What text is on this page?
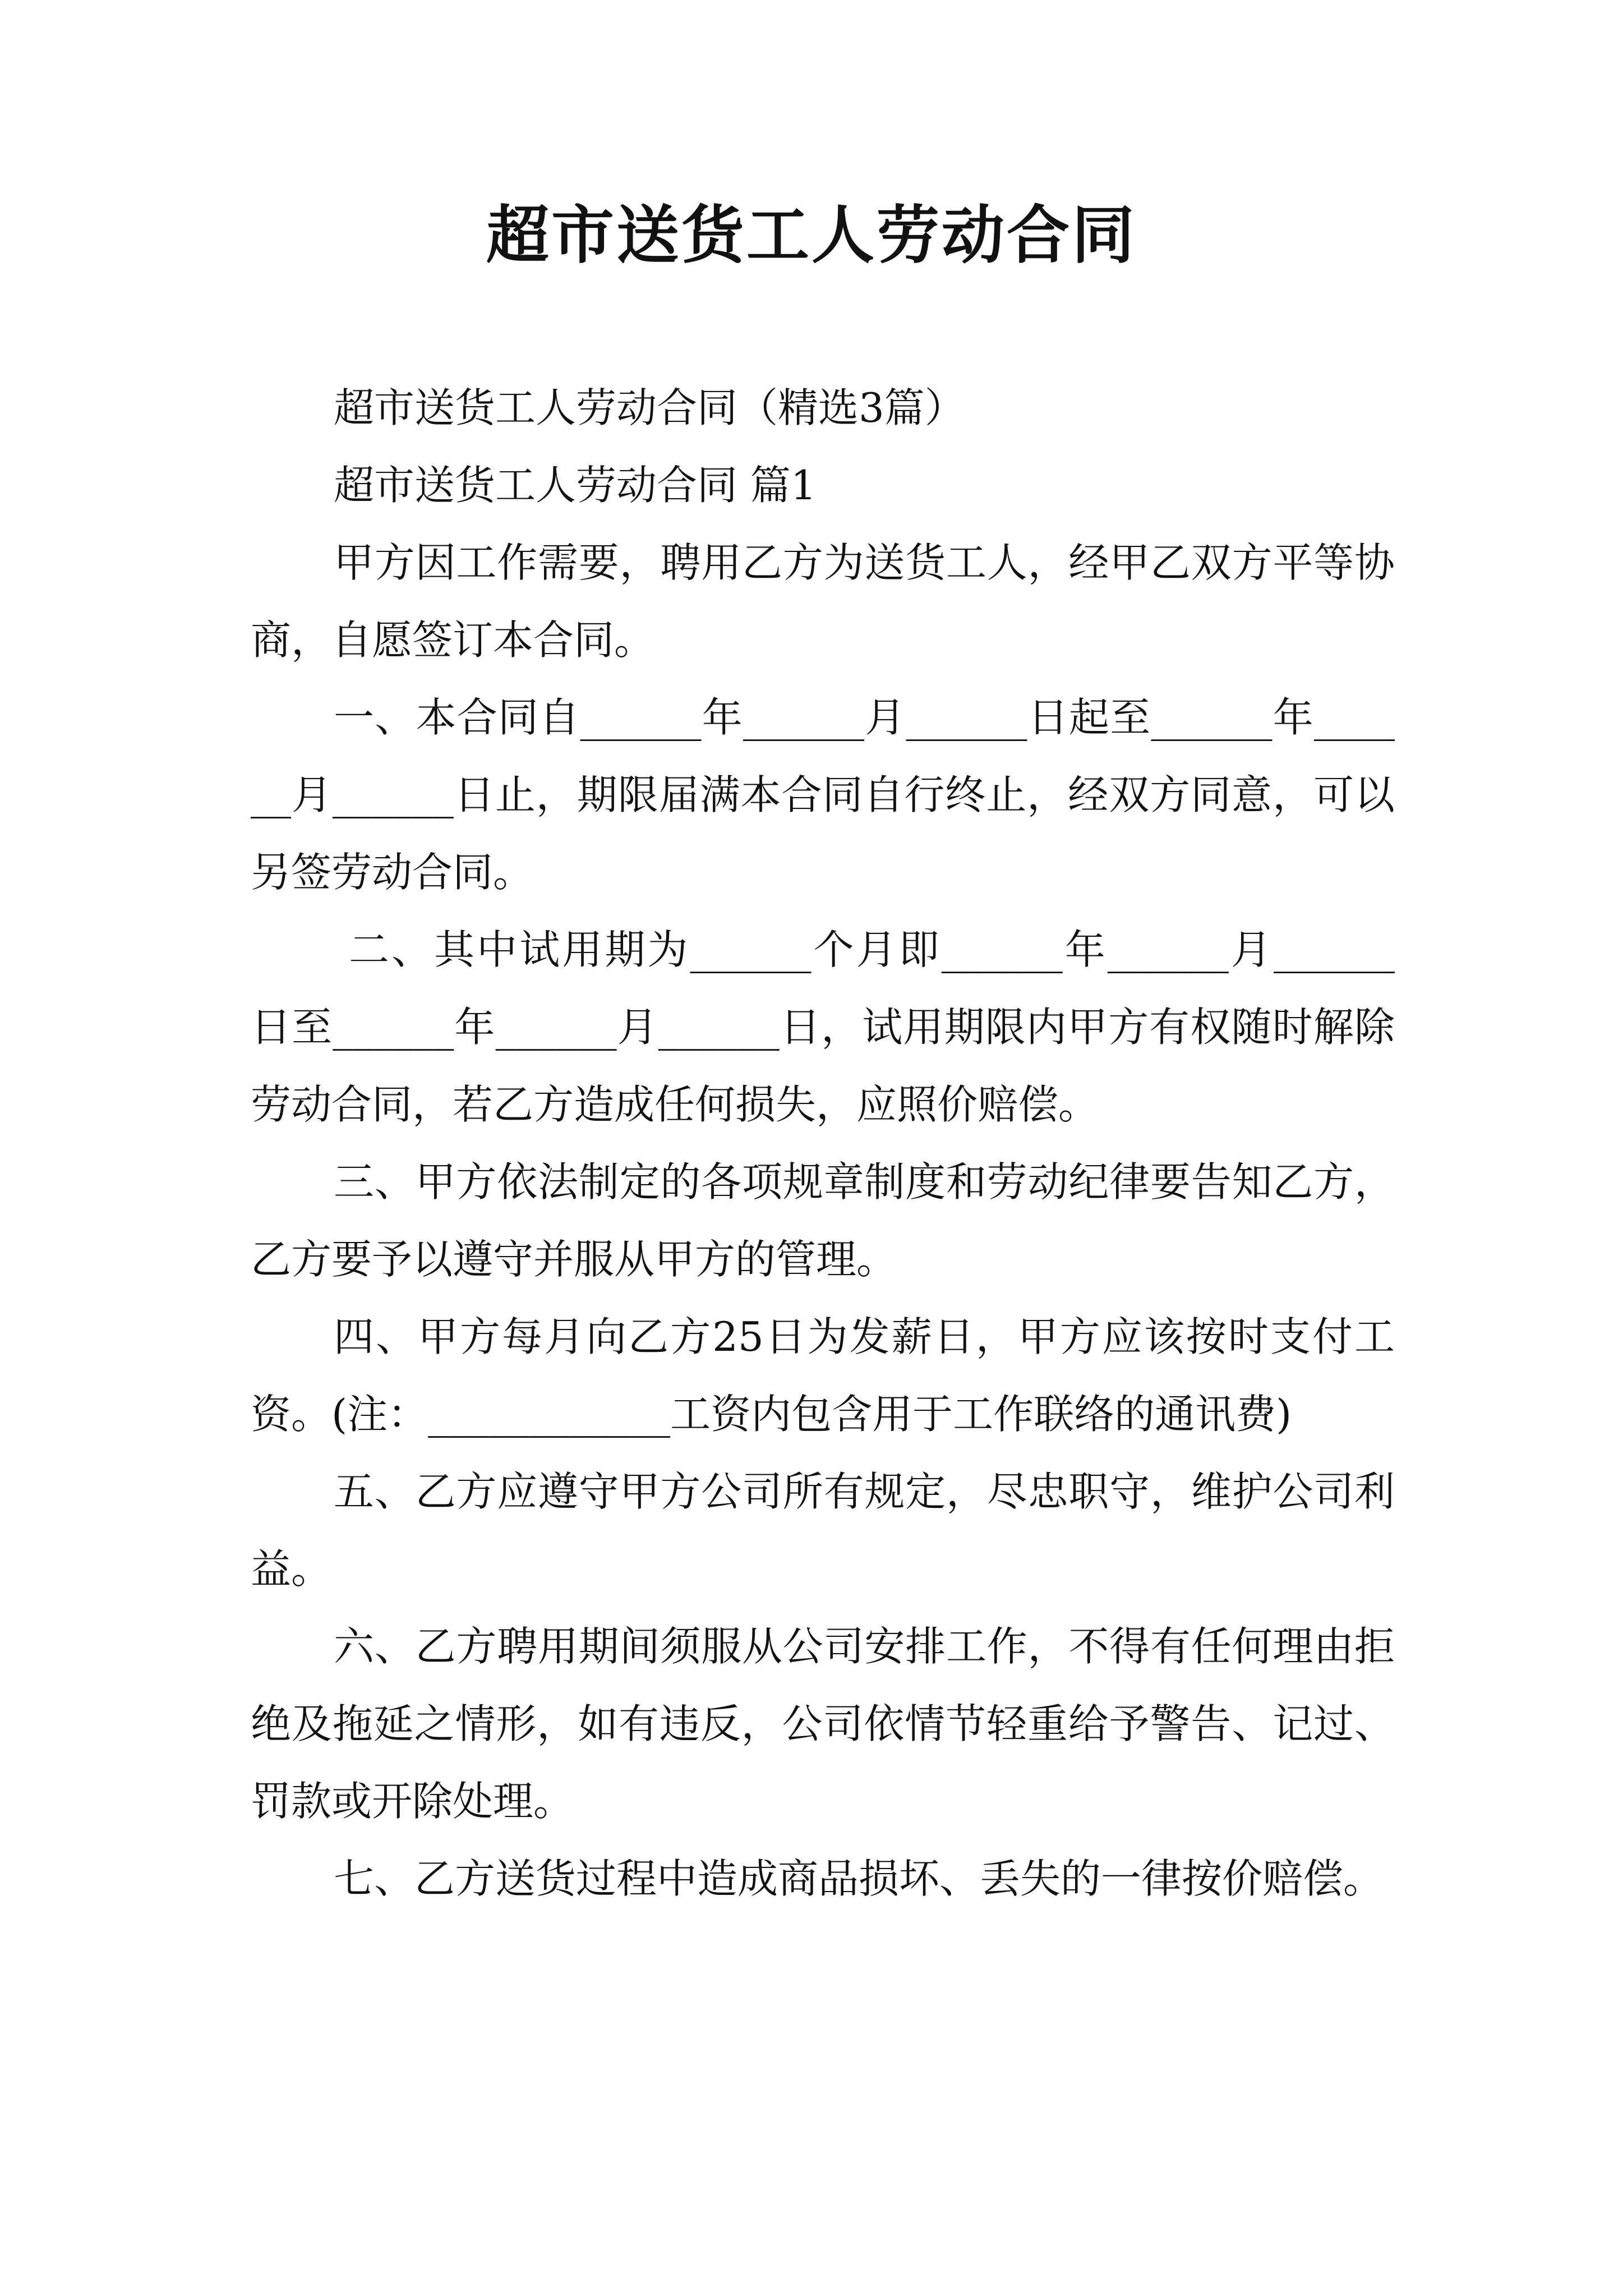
超市送货工人劳动合同

超市送货工人劳动合同（精选3篇）

超市送货工人劳动合同 篇1

甲方因工作需要，聘用乙方为送货工人，经甲乙双方平等协商，自愿签订本合同。

一、本合同自______年______月______日起至______年______月______日止，期限届满本合同自行终止，经双方同意，可以另签劳动合同。

二、其中试用期为______个月即______年______月______日至______年______月______日，试用期限内甲方有权随时解除劳动合同，若乙方造成任何损失，应照价赔偿。

三、甲方依法制定的各项规章制度和劳动纪律要告知乙方，乙方要予以遵守并服从甲方的管理。

四、甲方每月向乙方25日为发薪日，甲方应该按时支付工资。(注：____________工资内包含用于工作联络的通讯费)

五、乙方应遵守甲方公司所有规定，尽忠职守，维护公司利益。

六、乙方聘用期间须服从公司安排工作，不得有任何理由拒绝及拖延之情形，如有违反，公司依情节轻重给予警告、记过、罚款或开除处理。

七、乙方送货过程中造成商品损坏、丢失的一律按价赔偿。
